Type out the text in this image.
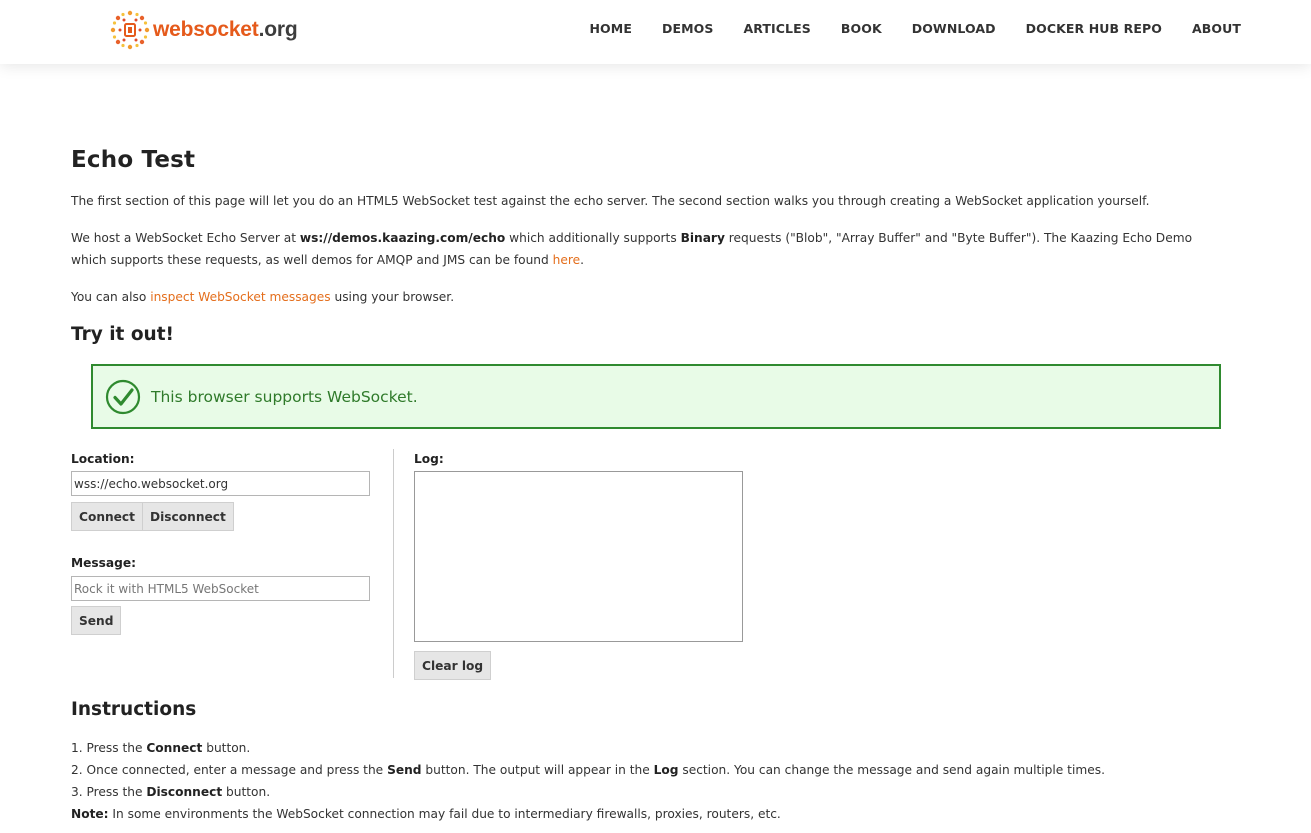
websocket.org	HOME DEMOS ARTICLES BOOK DOWNLOAD DOCKER HUB REPO ABOUT
Echo Test

The first section of this page will let you do an HTML5 WebSocket test against the echo server. The second section walks you through creating a WebSocket application yourself.

We host a WebSocket Echo Server at ws://demos.kaazing.com/echo which additionally supports Binary requests ("Blob", "Array Buffer" and "Byte Buffer"). The Kaazing Echo Demo which supports these requests, as well demos for AMQP and JMS can be found here.

You can also inspect WebSocket messages using your browser.

Try it out!
This browser supports WebSocket.
Location:
wss://echo.websocket.org
Connect	Disconnect
Message:
Rock it with HTML5 WebSocket
Send
Log:
Clear log
Instructions
1. Press the Connect button.
2. Once connected, enter a message and press the Send button. The output will appear in the Log section. You can change the message and send again multiple times.
3. Press the Disconnect button.
Note: In some environments the WebSocket connection may fail due to intermediary firewalls, proxies, routers, etc.
